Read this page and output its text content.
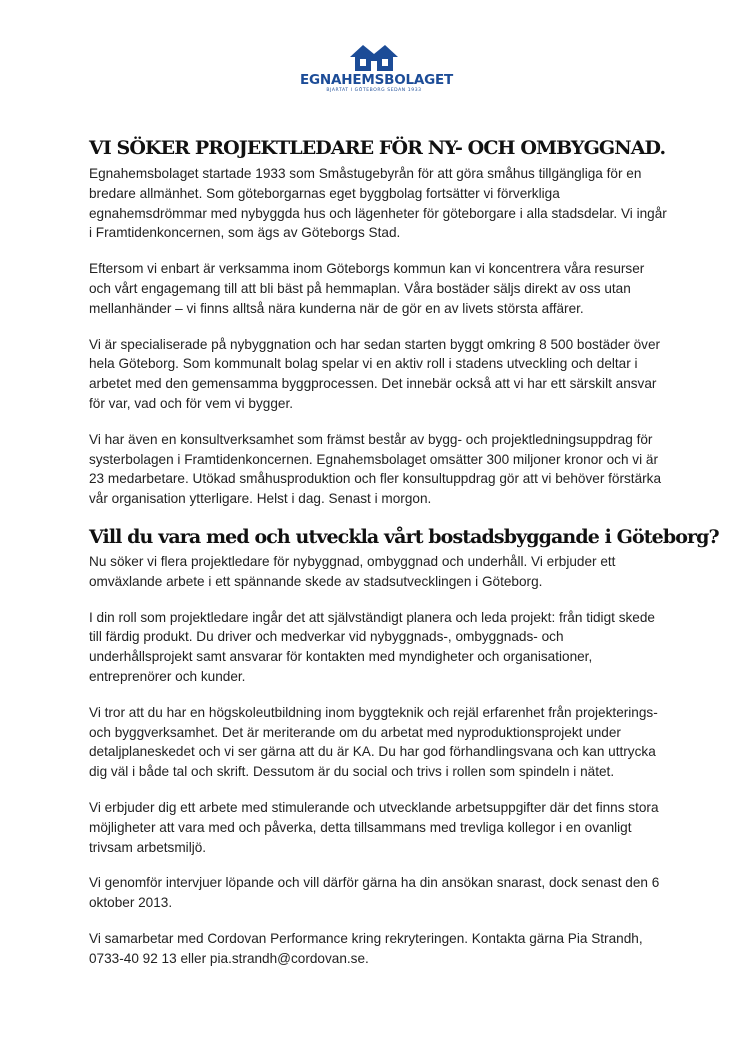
EGNAHEMSBOLAGET
BJARTAT I GÖTEBORG SEDAN 1933
VI SÖKER PROJEKTLEDARE FÖR NY- OCH OMBYGGNAD.

Egnahemsbolaget startade 1933 som Småstugebyrån för att göra småhus tillgängliga för en bredare allmänhet. Som göteborgarnas eget byggbolag fortsätter vi förverkliga egnahemsdrömmar med nybyggda hus och lägenheter för göteborgare i alla stadsdelar. Vi ingår i Framtidenkoncernen, som ägs av Göteborgs Stad.

Eftersom vi enbart är verksamma inom Göteborgs kommun kan vi koncentrera våra resurser och vårt engagemang till att bli bäst på hemmaplan. Våra bostäder säljs direkt av oss utan mellanhänder – vi finns alltså nära kunderna när de gör en av livets största affärer.

Vi är specialiserade på nybyggnation och har sedan starten byggt omkring 8 500 bostäder över hela Göteborg. Som kommunalt bolag spelar vi en aktiv roll i stadens utveckling och deltar i arbetet med den gemensamma byggprocessen. Det innebär också att vi har ett särskilt ansvar för var, vad och för vem vi bygger.

Vi har även en konsultverksamhet som främst består av bygg- och projektledningsuppdrag för systerbolagen i Framtidenkoncernen. Egnahemsbolaget omsätter 300 miljoner kronor och vi är 23 medarbetare. Utökad småhusproduktion och fler konsultuppdrag gör att vi behöver förstärka vår organisation ytterligare. Helst i dag. Senast i morgon.

Vill du vara med och utveckla vårt bostadsbyggande i Göteborg?

Nu söker vi flera projektledare för nybyggnad, ombyggnad och underhåll. Vi erbjuder ett omväxlande arbete i ett spännande skede av stadsutvecklingen i Göteborg.

I din roll som projektledare ingår det att självständigt planera och leda projekt: från tidigt skede till färdig produkt. Du driver och medverkar vid nybyggnads-, ombyggnads- och underhållsprojekt samt ansvarar för kontakten med myndigheter och organisationer, entreprenörer och kunder.

Vi tror att du har en högskoleutbildning inom byggteknik och rejäl erfarenhet från projekterings- och byggverksamhet. Det är meriterande om du arbetat med nyproduktionsprojekt under detaljplaneskedet och vi ser gärna att du är KA. Du har god förhandlingsvana och kan uttrycka dig väl i både tal och skrift. Dessutom är du social och trivs i rollen som spindeln i nätet.

Vi erbjuder dig ett arbete med stimulerande och utvecklande arbetsuppgifter där det finns stora möjligheter att vara med och påverka, detta tillsammans med trevliga kollegor i en ovanligt trivsam arbetsmiljö.

Vi genomför intervjuer löpande och vill därför gärna ha din ansökan snarast, dock senast den 6 oktober 2013.

Vi samarbetar med Cordovan Performance kring rekryteringen. Kontakta gärna Pia Strandh, 0733-40 92 13 eller pia.strandh@cordovan.se.
